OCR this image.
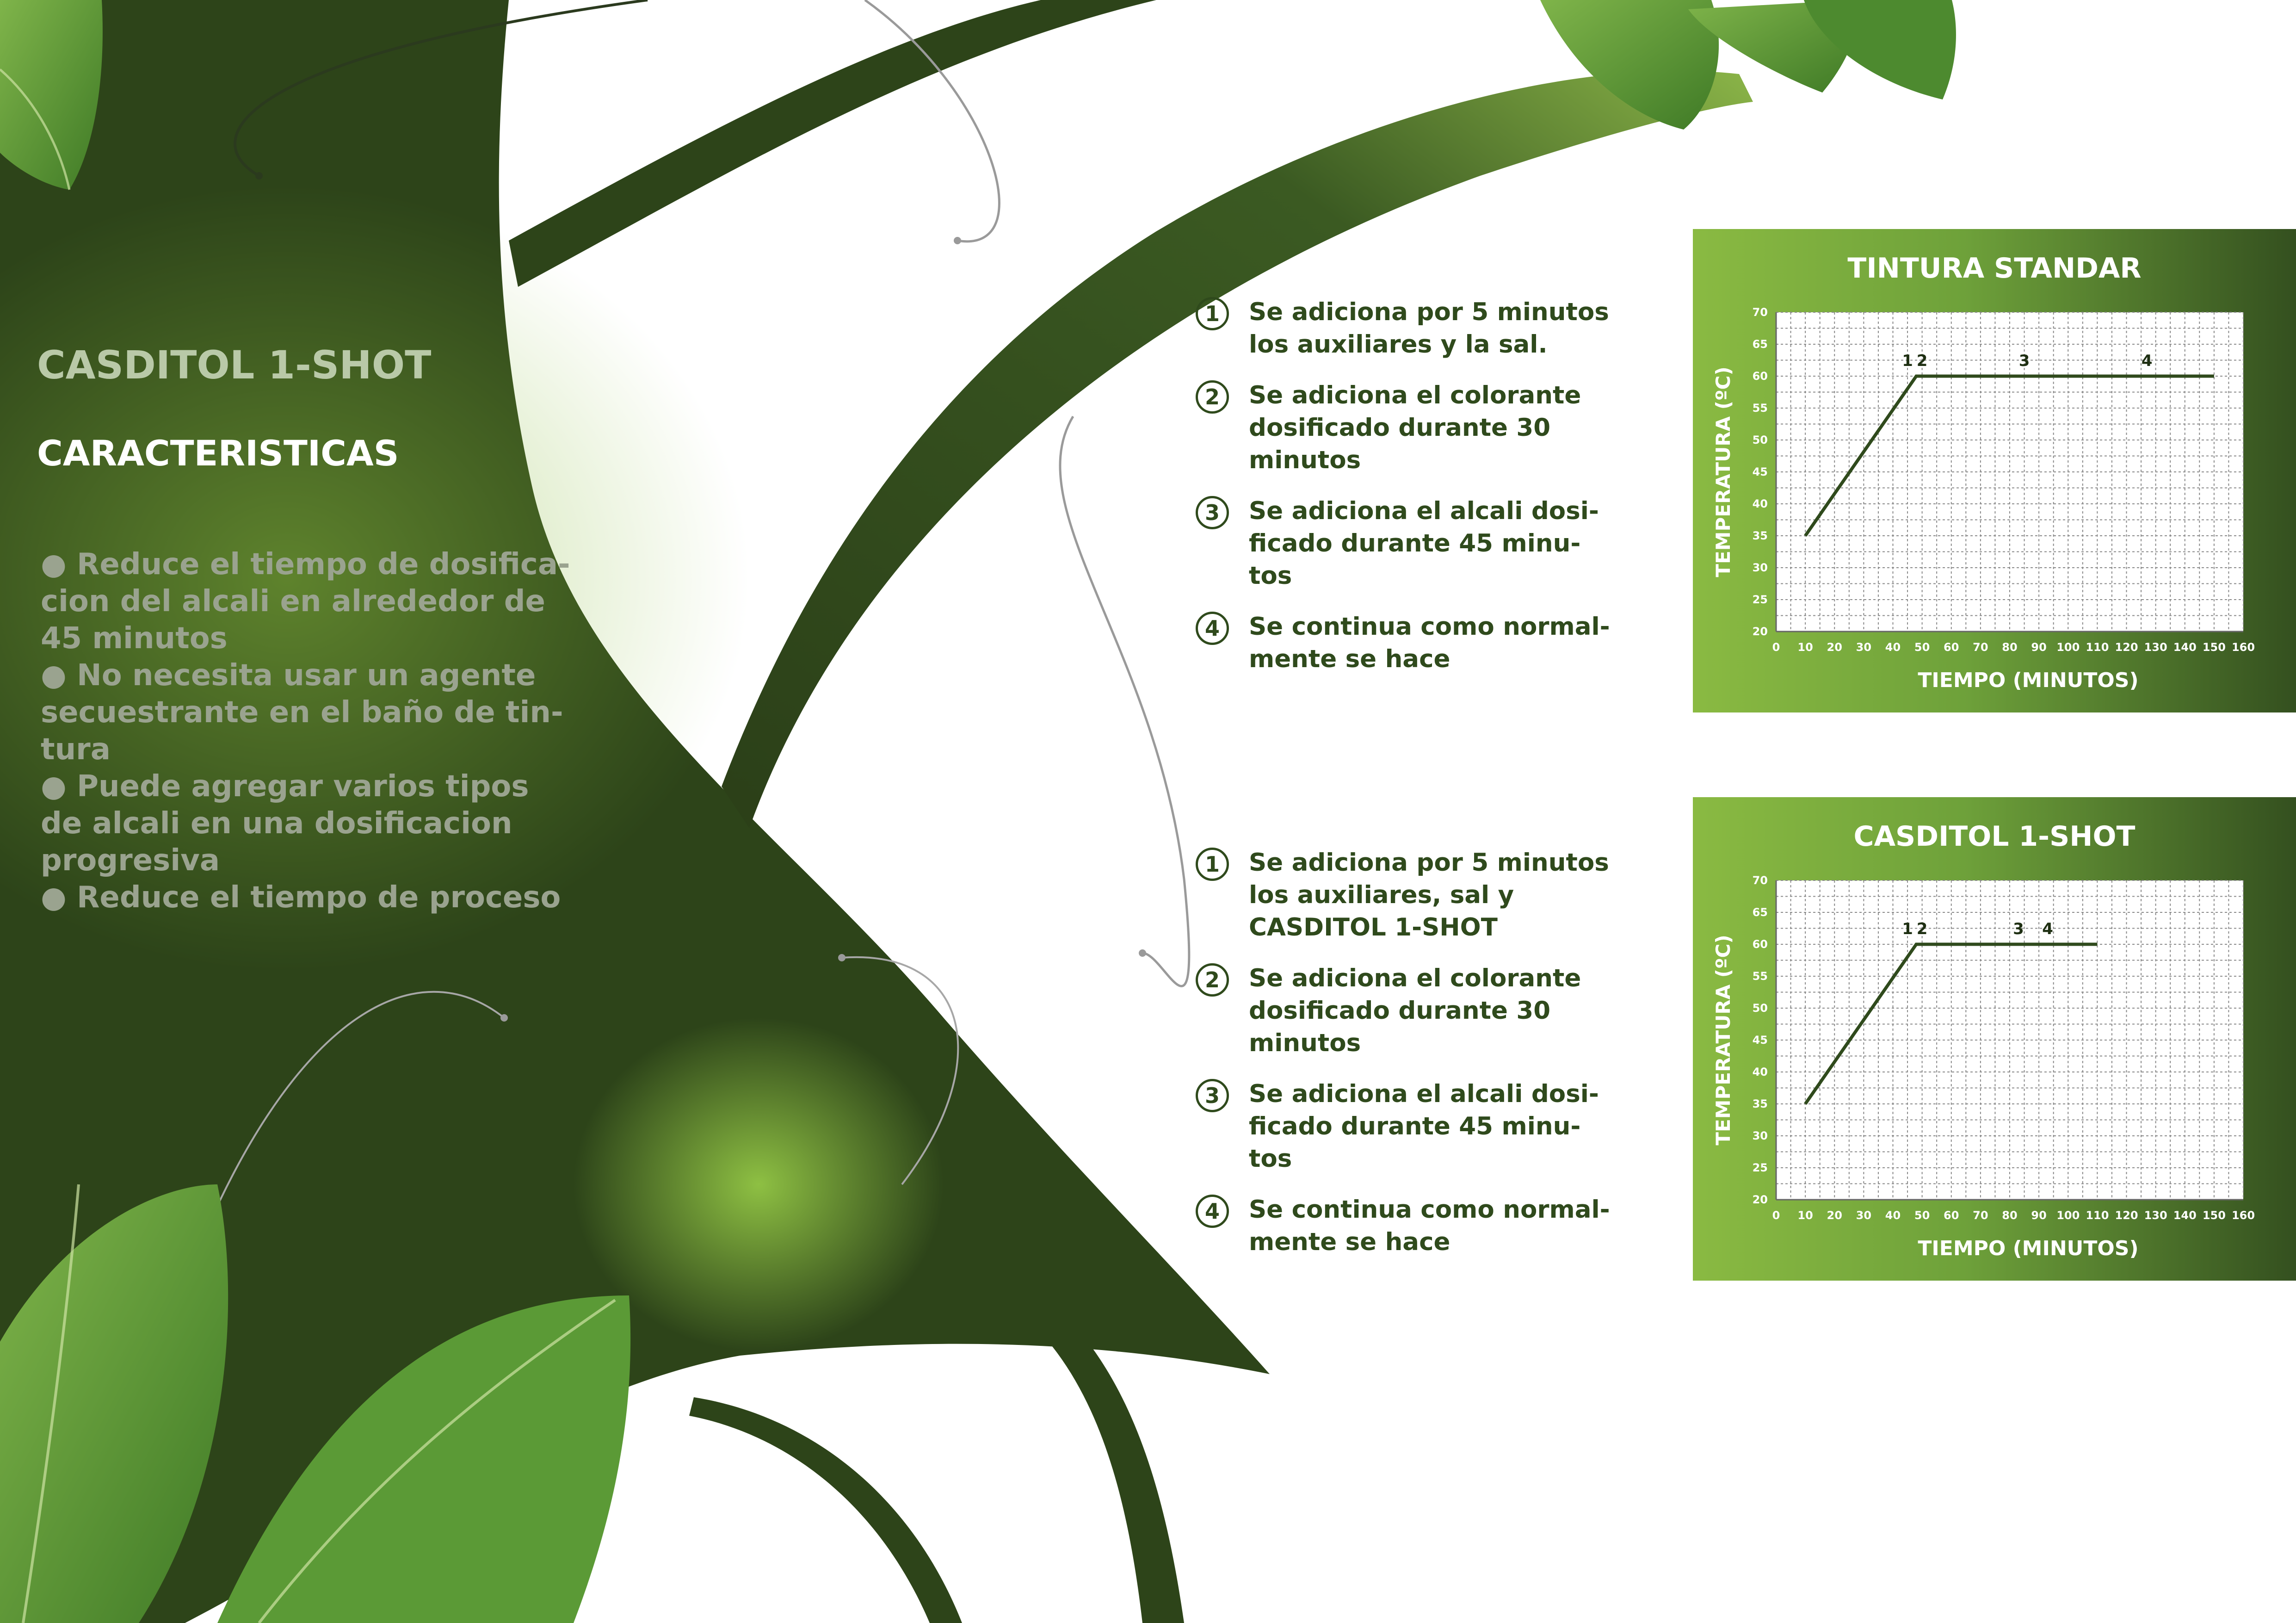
CASDITOL 1-SHOT
CARACTERISTICAS

● Reduce el tiempo de dosifica-

cion del alcali en alrededor de

45 minutos

● No necesita usar un agente

secuestrante en el baño de tin-

tura

● Puede agregar varios tipos

de alcali en una dosificacion

progresiva

● Reduce el tiempo de proceso

1	Se adiciona por 5 minutos
los auxiliares y la sal.
2	Se adiciona el colorante
dosificado durante 30
minutos
3	Se adiciona el alcali dosi-
ficado durante 45 minu-
tos
4	Se continua como normal-
mente se hace
1	Se adiciona por 5 minutos
los auxiliares, sal y
CASDITOL 1-SHOT
2	Se adiciona el colorante
dosificado durante 30
minutos
3	Se adiciona el alcali dosi-
ficado durante 45 minu-
tos
4	Se continua como normal-
mente se hace
TINTURA STANDAR
0 10 20 30 40 50 60 70 80 90 100 110 120 130 140 150 160
20
25
30
35
40
45
50
55
60
65
70
TIEMPO (MINUTOS)
TEMPERATURA (ºC)
1 2	3	4
CASDITOL 1-SHOT
0 10 20 30 40 50 60 70 80 90 100 110 120 130 140 150 160
20
25
30
35
40
45
50
55
60
65
70
TIEMPO (MINUTOS)
TEMPERATURA (ºC)
1 2	3 4
